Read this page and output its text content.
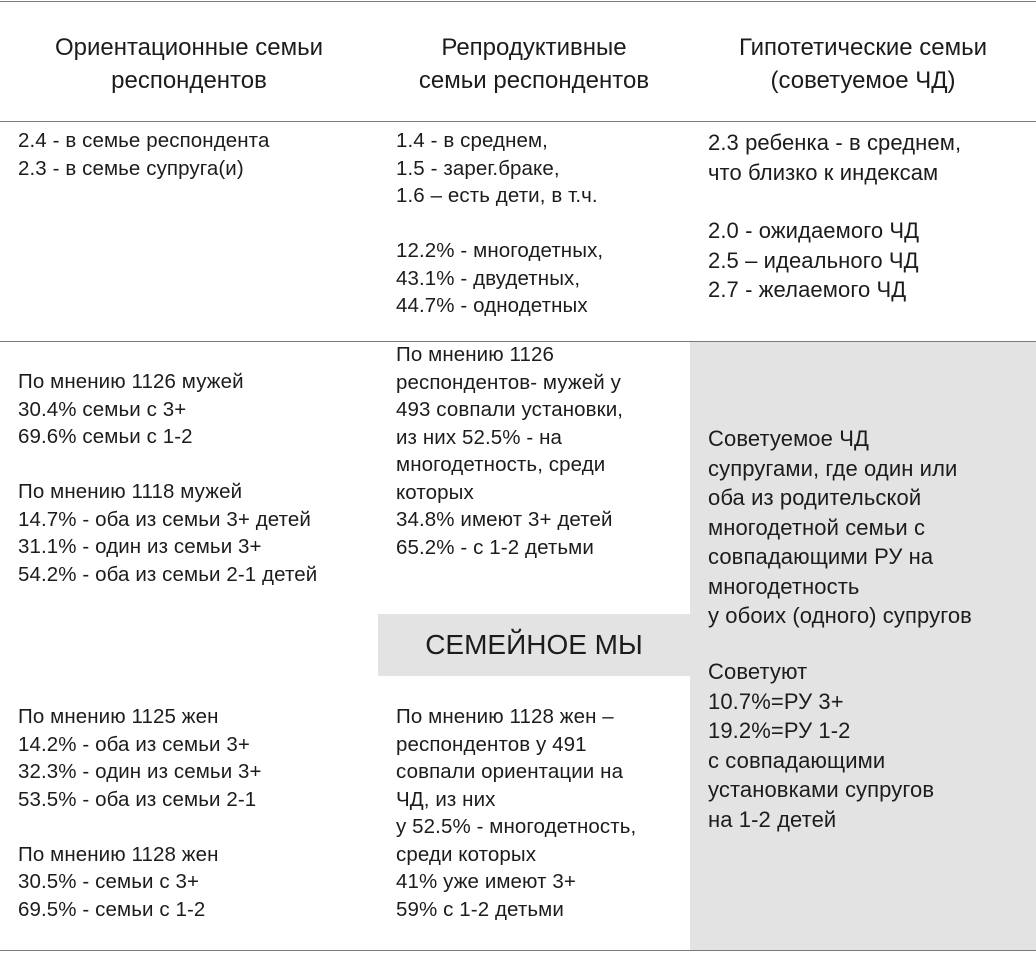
Ориентационные семьи
респондентов
Репродуктивные
семьи респондентов
Гипотетические семьи
(советуемое ЧД)
2.4 - в семье респондента
2.3 - в семье супруга(и)
1.4 - в среднем,
1.5 - зарег.браке,
1.6 – есть дети, в т.ч.

12.2% - многодетных,
43.1% - двудетных,
44.7% - однодетных
2.3 ребенка - в среднем,
что близко к индексам
2.0 - ожидаемого ЧД
2.5 – идеального ЧД
2.7 - желаемого ЧД
По мнению 1126 мужей
30.4% семьи с 3+
69.6% семьи с 1-2

По мнению 1118 мужей
14.7% - оба из семьи 3+ детей
31.1% - один из семьи 3+
54.2% - оба из семьи 2-1 детей
По мнению 1126
респондентов- мужей у
493 совпали установки,
из них 52.5% - на
многодетность, среди
которых
34.8% имеют 3+ детей
65.2% - с 1-2 детьми
СЕМЕЙНОЕ МЫ
По мнению 1125 жен
14.2% - оба из семьи 3+
32.3% - один из семьи 3+
53.5% - оба из семьи 2-1

По мнению 1128 жен
30.5% - семьи с 3+
69.5% - семьи с 1-2
По мнению 1128 жен –
респондентов у 491
совпали ориентации на
ЧД, из них
у 52.5% - многодетность,
среди которых
41% уже имеют 3+
59% с 1-2 детьми
Советуемое ЧД
супругами, где один или
оба из родительской
многодетной семьи с
совпадающими РУ на
многодетность
у обоих (одного) супругов
Советуют
10.7%=РУ 3+
19.2%=РУ 1-2
с совпадающими
установками супругов
на 1-2 детей
